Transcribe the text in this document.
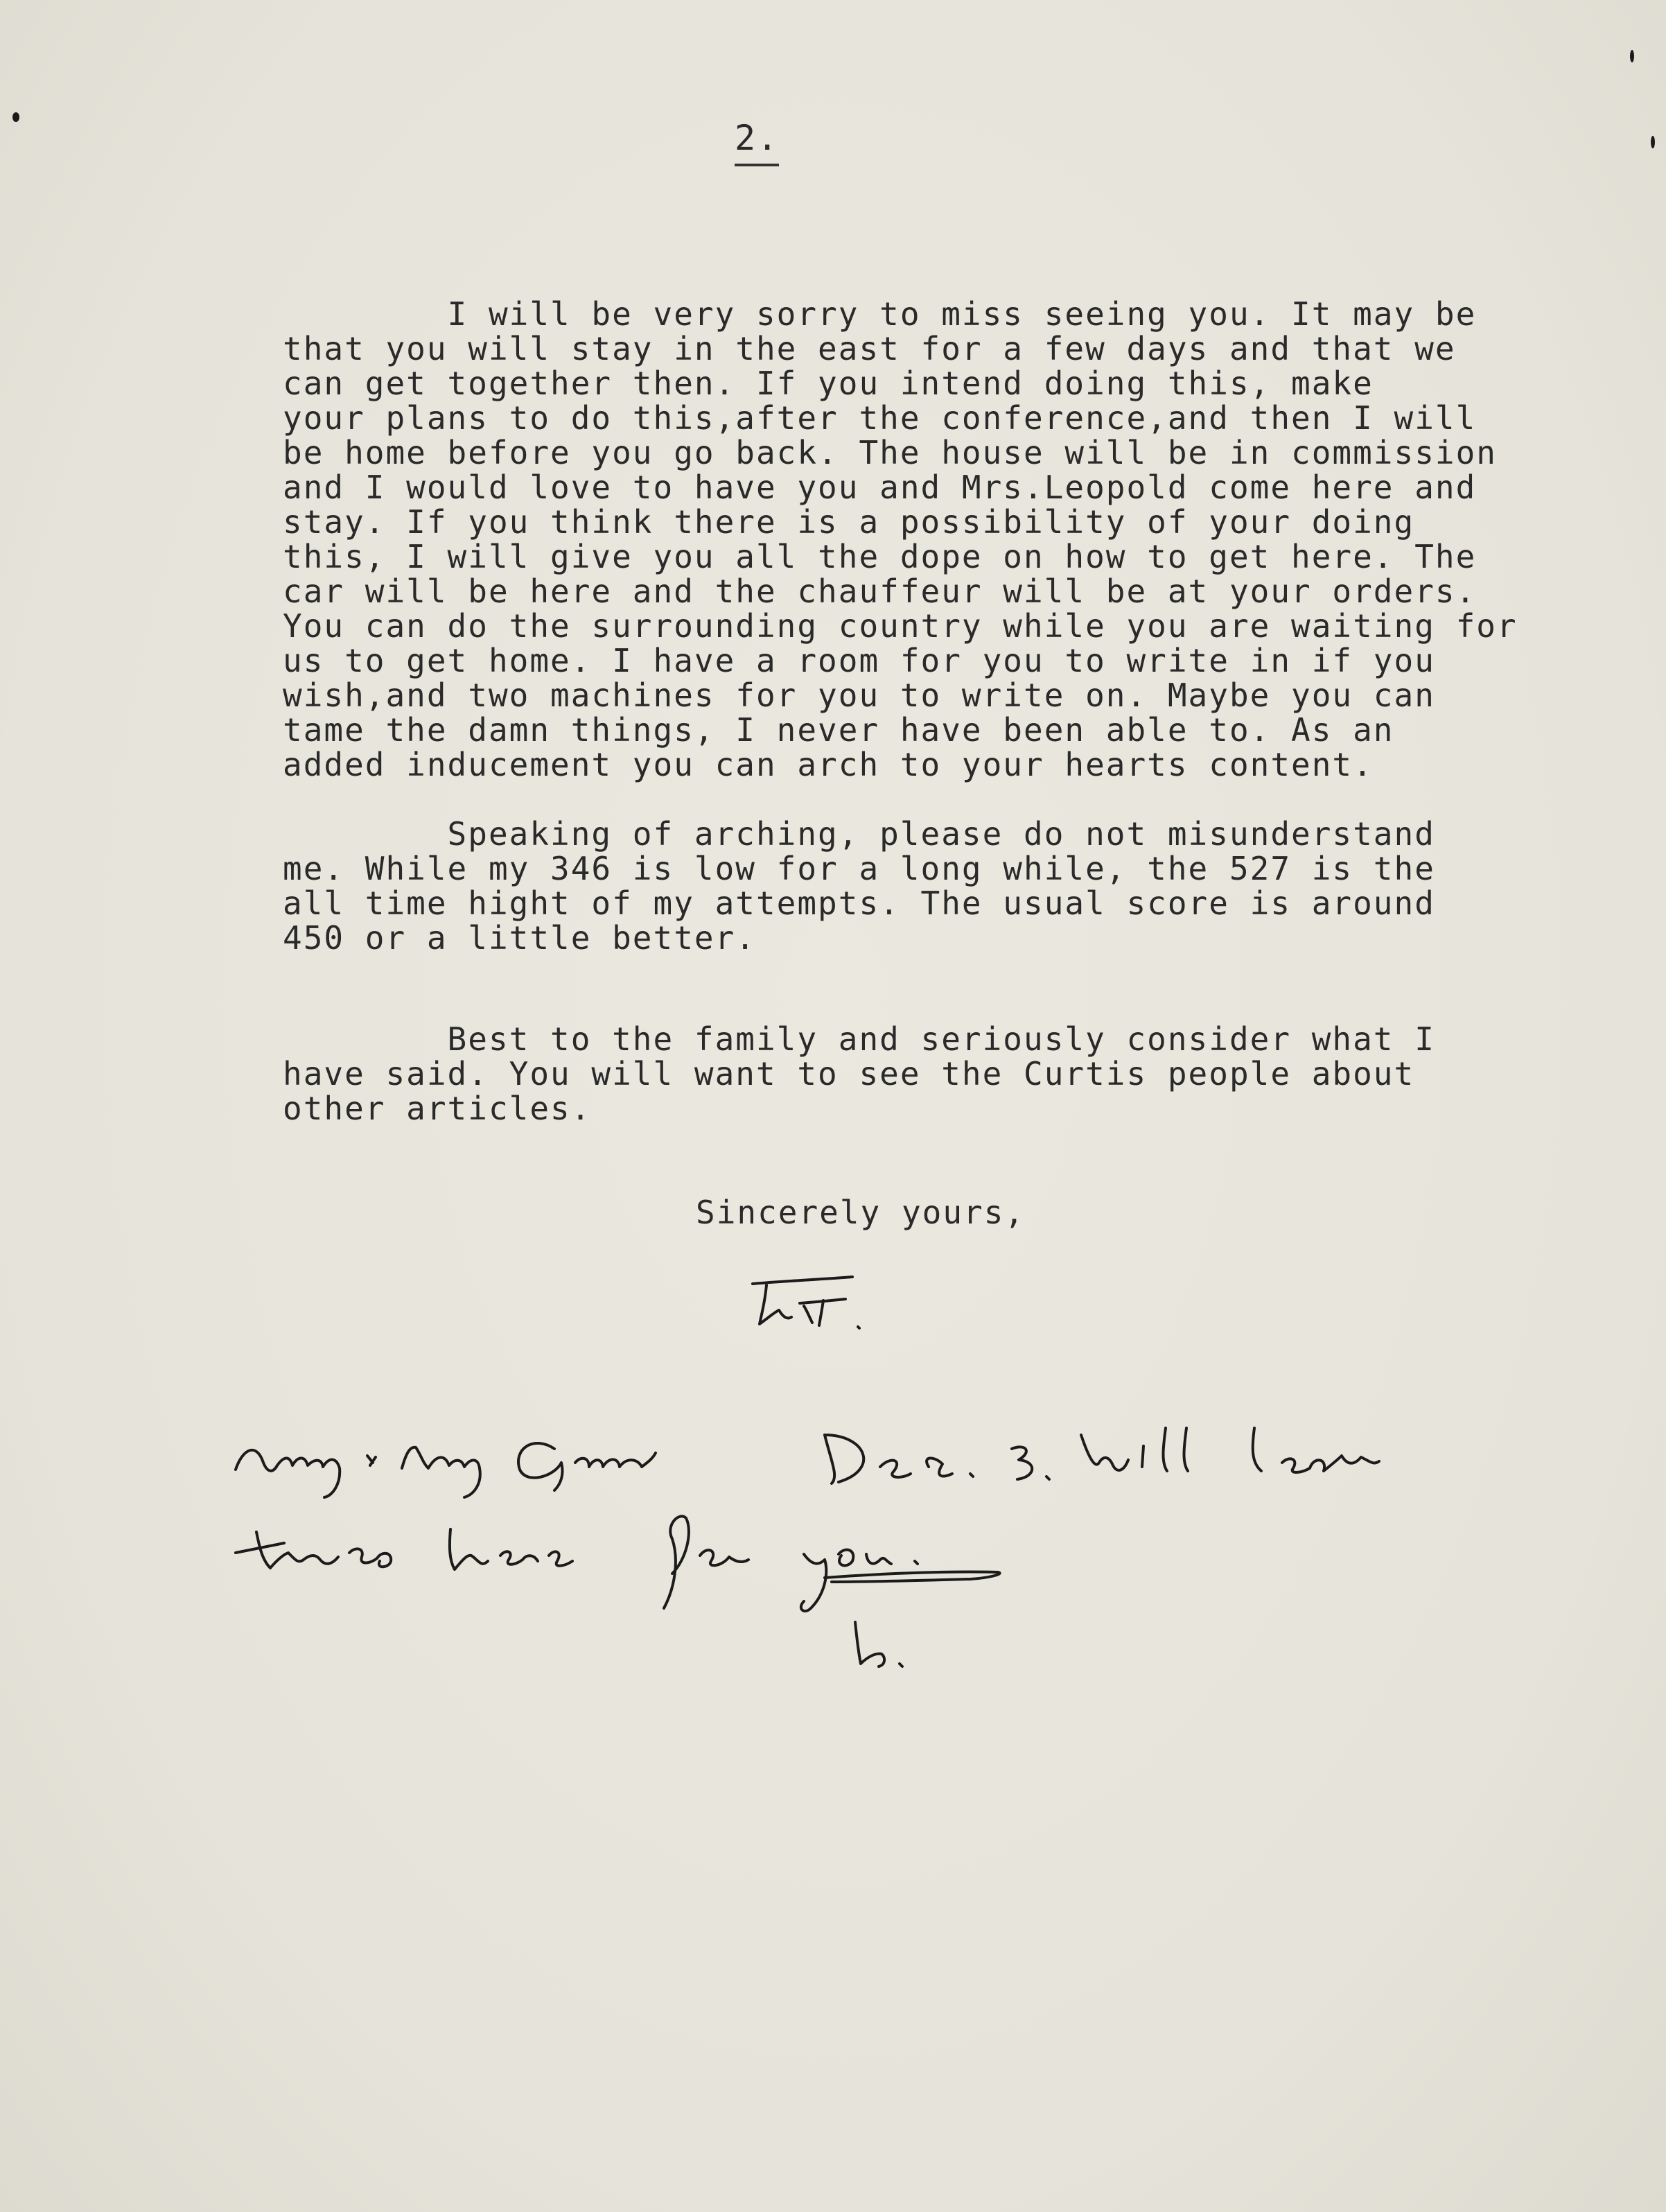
2.
I will be very sorry to miss seeing you. It may be
that you will stay in the east for a few days and that we
can get together then. If you intend doing this, make
your plans to do this,after the conference,and then I will
be home before you go back. The house will be in commission
and I would love to have you and Mrs.Leopold come here and
stay. If you think there is a possibility of your doing
this, I will give you all the dope on how to get here. The
car will be here and the chauffeur will be at your orders.
You can do the surrounding country while you are waiting for
us to get home. I have a room for you to write in if you
wish,and two machines for you to write on. Maybe you can
tame the damn things, I never have been able to. As an
added inducement you can arch to your hearts content.
Speaking of arching, please do not misunderstand
me. While my 346 is low for a long while, the 527 is the
all time hight of my attempts. The usual score is around
450 or a little better.
Best to the family and seriously consider what I
have said. You will want to see the Curtis people about
other articles.
Sincerely yours,
